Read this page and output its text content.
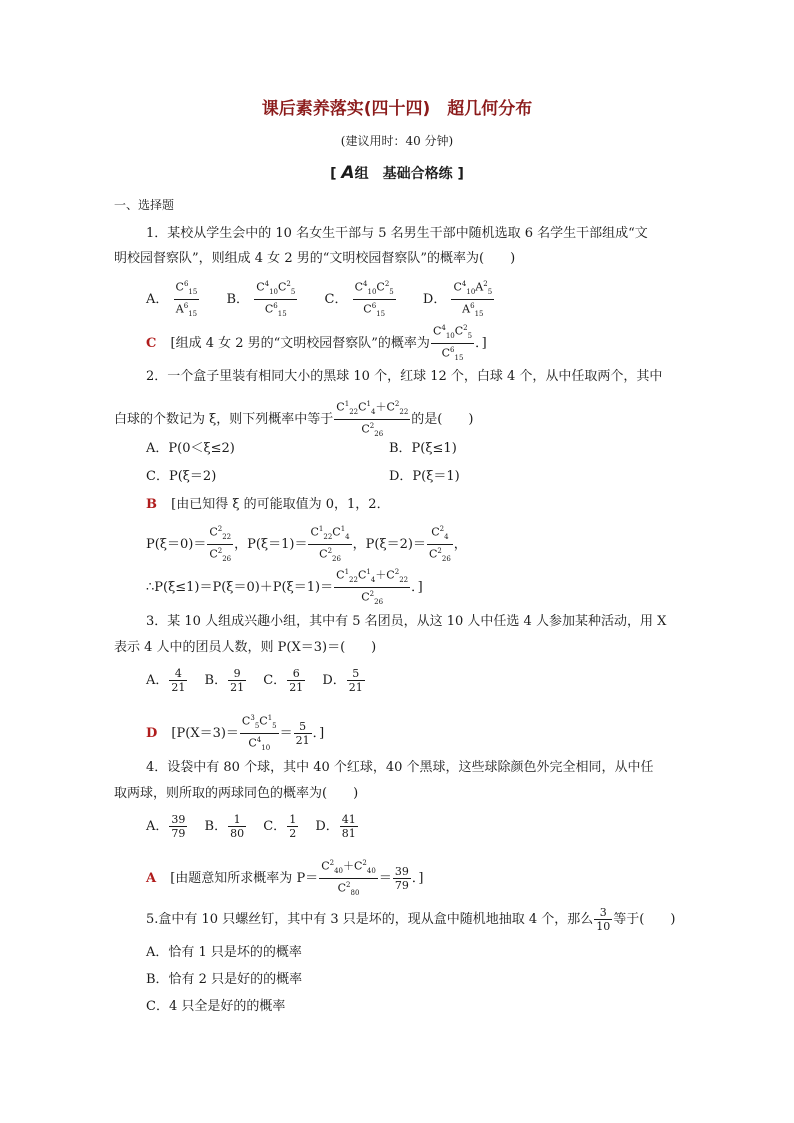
课后素养落实(四十四)　超几何分布
(建议用时：40 分钟)
[ A组　基础合格练 ]
一、选择题
1．某校从学生会中的 10 名女生干部与 5 名男生干部中随机选取 6 名学生干部组成“文
明校园督察队”，则组成 4 女 2 男的“文明校园督察队”的概率为(　　)
A． $\frac{C^6_{15}}{A^6_{15}}$ B． $\frac{C^4_{10}C^2_5}{C^6_{15}}$ C． $\frac{C^4_{10}C^2_5}{C^6_{15}}$ D． $\frac{C^4_{10}A^2_5}{A^6_{15}}$
C [组成 4 女 2 男的“文明校园督察队”的概率为 $\frac{C^4_{10}C^2_5}{C^6_{15}}$ ．]
2．一个盒子里装有相同大小的黑球 10 个，红球 12 个，白球 4 个，从中任取两个，其中
白球的个数记为 ξ，则下列概率中等于 $\frac{C^1_{22}C^1_4+C^2_{22}}{C^2_{26}}$ 的是(　　)
A．P(0＜ξ≤2)	B．P(ξ≤1)
C．P(ξ＝2)	D．P(ξ＝1)
B [由已知得 ξ 的可能取值为 0，1，2．
$P(\xi=0)= \frac{C^2_{22}}{C^2_{26}}$ ，$P(\xi=1)= \frac{C^1_{22}C^1_4}{C^2_{26}}$ ，$P(\xi=2)= \frac{C^2_4}{C^2_{26}}$ ，
∴P(ξ≤1)＝P(ξ＝0)＋P(ξ＝1)＝ $\frac{C^1_{22}C^1_4+C^2_{22}}{C^2_{26}}$ ．]
3．某 10 人组成兴趣小组，其中有 5 名团员，从这 10 人中任选 4 人参加某种活动，用 X
表示 4 人中的团员人数，则 P(X＝3)＝(　　)
A． $\frac{4}{21}$ B． $\frac{9}{21}$ C． $\frac{6}{21}$ D． $\frac{5}{21}$
D [$P(X=3)= \frac{C^3_5C^1_5}{C^4_{10}} = \frac{5}{21}$ ．]
4．设袋中有 80 个球，其中 40 个红球，40 个黑球，这些球除颜色外完全相同，从中任
取两球，则所取的两球同色的概率为(　　)
A． $\frac{39}{79}$ B． $\frac{1}{80}$ C． $\frac{1}{2}$ D． $\frac{41}{81}$
A [由题意知所求概率为 $P= \frac{C^2_{40}+C^2_{40}}{C^2_{80}} = \frac{39}{79}$ ．]
5.盒中有 10 只螺丝钉，其中有 3 只是坏的，现从盒中随机地抽取 4 个，那么 $\frac{3}{10}$ 等于(　　)
A．恰有 1 只是坏的的概率
B．恰有 2 只是好的的概率
C．4 只全是好的的概率
